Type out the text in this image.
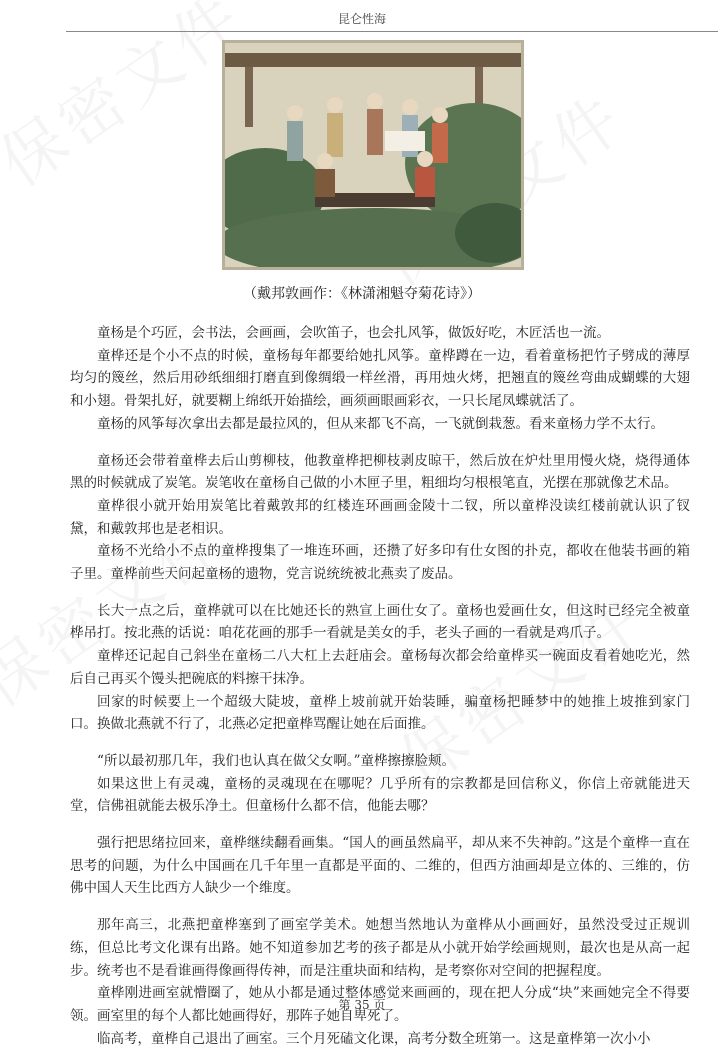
昆仑性海
（戴邦敦画作：《林潇湘魁夺菊花诗》）

童杨是个巧匠，会书法，会画画，会吹笛子，也会扎风筝，做饭好吃，木匠活也一流。

童桦还是个小不点的时候，童杨每年都要给她扎风筝。童桦蹲在一边，看着童杨把竹子劈成的薄厚均匀的篾丝，然后用砂纸细细打磨直到像绸缎一样丝滑，再用烛火烤，把翘直的篾丝弯曲成蝴蝶的大翅和小翅。骨架扎好，就要糊上绵纸开始描绘，画须画眼画彩衣，一只长尾凤蝶就活了。

童杨的风筝每次拿出去都是最拉风的，但从来都飞不高，一飞就倒栽葱。看来童杨力学不太行。

童杨还会带着童桦去后山剪柳枝，他教童桦把柳枝剥皮晾干，然后放在炉灶里用慢火烧，烧得通体黑的时候就成了炭笔。炭笔收在童杨自己做的小木匣子里，粗细均匀根根笔直，光摆在那就像艺术品。

童桦很小就开始用炭笔比着戴敦邦的红楼连环画画金陵十二钗，所以童桦没读红楼前就认识了钗黛，和戴敦邦也是老相识。

童杨不光给小不点的童桦搜集了一堆连环画，还攒了好多印有仕女图的扑克，都收在他装书画的箱子里。童桦前些天问起童杨的遗物，党言说统统被北燕卖了废品。

长大一点之后，童桦就可以在比她还长的熟宣上画仕女了。童杨也爱画仕女，但这时已经完全被童桦吊打。按北燕的话说：咱花花画的那手一看就是美女的手，老头子画的一看就是鸡爪子。

童桦还记起自己斜坐在童杨二八大杠上去赶庙会。童杨每次都会给童桦买一碗面皮看着她吃光，然后自己再买个馒头把碗底的料擦干抹净。

回家的时候要上一个超级大陡坡，童桦上坡前就开始装睡，骗童杨把睡梦中的她推上坡推到家门口。换做北燕就不行了，北燕必定把童桦骂醒让她在后面推。

“所以最初那几年，我们也认真在做父女啊。”童桦擦擦脸颊。

如果这世上有灵魂，童杨的灵魂现在在哪呢？几乎所有的宗教都是回信称义，你信上帝就能进天堂，信佛祖就能去极乐净土。但童杨什么都不信，他能去哪？

强行把思绪拉回来，童桦继续翻看画集。“国人的画虽然扁平，却从来不失神韵。”这是个童桦一直在思考的问题，为什么中国画在几千年里一直都是平面的、二维的，但西方油画却是立体的、三维的，仿佛中国人天生比西方人缺少一个维度。

那年高三，北燕把童桦塞到了画室学美术。她想当然地认为童桦从小画画好，虽然没受过正规训练，但总比考文化课有出路。她不知道参加艺考的孩子都是从小就开始学绘画规则，最次也是从高一起步。统考也不是看谁画得像画得传神，而是注重块面和结构，是考察你对空间的把握程度。

童桦刚进画室就懵圈了，她从小都是通过整体感觉来画画的，现在把人分成“块”来画她完全不得要领。画室里的每个人都比她画得好，那阵子她自卑死了。

临高考，童桦自己退出了画室。三个月死磕文化课，高考分数全班第一。这是童桦第一次小小

第 35 页
